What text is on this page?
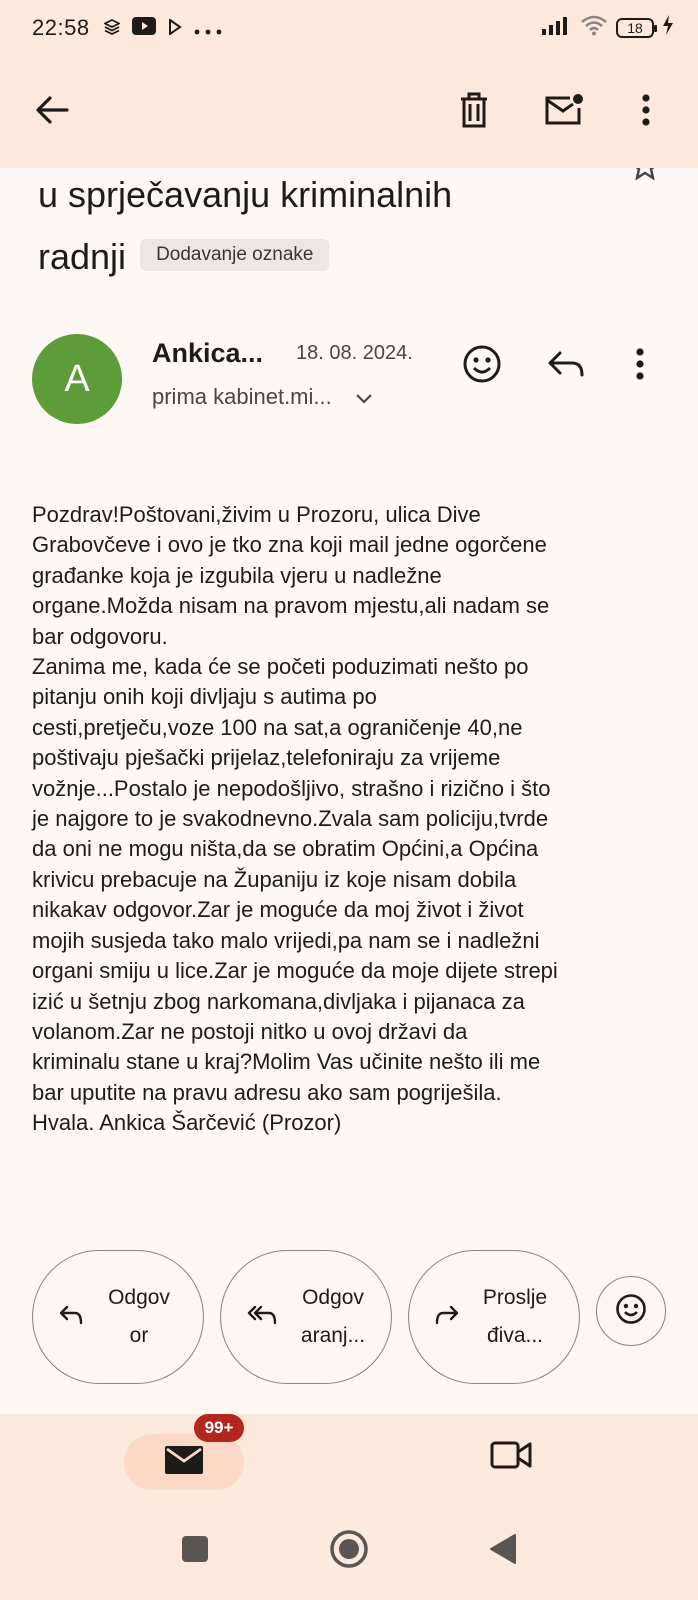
22:58	18
u sprječavanju kriminalnih
radnji Dodavanje oznake
A
Ankica... 18. 08. 2024.
prima kabinet.mi...
Pozdrav!Poštovani,živim u Prozoru, ulica Dive
Grabovčeve i ovo je tko zna koji mail jedne ogorčene
građanke koja je izgubila vjeru u nadležne
organe.Možda nisam na pravom mjestu,ali nadam se
bar odgovoru.
Zanima me, kada će se početi poduzimati nešto po
pitanju onih koji divljaju s autima po
cesti,pretječu,voze 100 na sat,a ograničenje 40,ne
poštivaju pješački prijelaz,telefoniraju za vrijeme
vožnje...Postalo je nepodošljivo, strašno i rizično i što
je najgore to je svakodnevno.Zvala sam policiju,tvrde
da oni ne mogu ništa,da se obratim Općini,a Općina
krivicu prebacuje na Županiju iz koje nisam dobila
nikakav odgovor.Zar je moguće da moj život i život
mojih susjeda tako malo vrijedi,pa nam se i nadležni
organi smiju u lice.Zar je moguće da moje dijete strepi
izić u šetnju zbog narkomana,divljaka i pijanaca za
volanom.Zar ne postoji nitko u ovoj državi da
kriminalu stane u kraj?Molim Vas učinite nešto ili me
bar uputite na pravu adresu ako sam pogriješila.
Hvala. Ankica Šarčević (Prozor)
Odgov
or
Odgov
aranj...
Proslje
điva...
99+
